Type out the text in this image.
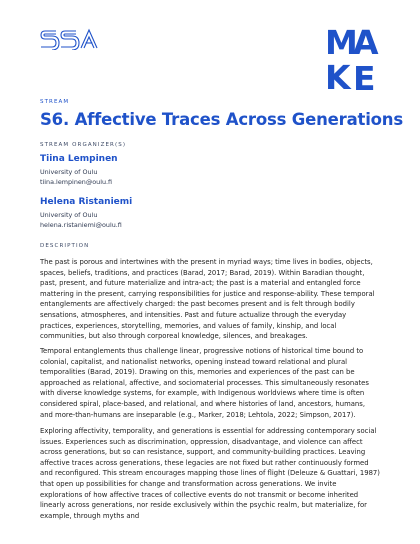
M
A
K E
STREAM
S6. Affective Traces Across Generations
STREAM ORGANIZER(S)
Tiina Lempinen
University of Oulu
tiina.lempinen@oulu.fi
Helena Ristaniemi
University of Oulu
helena.ristaniemi@oulu.fi
DESCRIPTION

The past is porous and intertwines with the present in myriad ways; time lives in bodies, objects, spaces, beliefs, traditions, and practices (Barad, 2017; Barad, 2019). Within Baradian thought, past, present, and future materialize and intra-act; the past is a material and entangled force mattering in the present, carrying responsibilities for justice and response-ability. These temporal entanglements are affectively charged: the past becomes present and is felt through bodily sensations, atmospheres, and intensities. Past and future actualize through the everyday practices, experiences, storytelling, memories, and values of family, kinship, and local communities, but also through corporeal knowledge, silences, and breakages.

Temporal entanglements thus challenge linear, progressive notions of historical time bound to colonial, capitalist, and nationalist networks, opening instead toward relational and plural temporalities (Barad, 2019). Drawing on this, memories and experiences of the past can be approached as relational, affective, and sociomaterial processes. This simultaneously resonates with diverse knowledge systems, for example, with Indigenous worldviews where time is often considered spiral, place-based, and relational, and where histories of land, ancestors, humans, and more-than-humans are inseparable (e.g., Marker, 2018; Lehtola, 2022; Simpson, 2017).

Exploring affectivity, temporality, and generations is essential for addressing contemporary social issues. Experiences such as discrimination, oppression, disadvantage, and violence can affect across generations, but so can resistance, support, and community-building practices. Leaving affective traces across generations, these legacies are not fixed but rather continuously formed and reconfigured. This stream encourages mapping those lines of flight (Deleuze & Guattari, 1987) that open up possibilities for change and transformation across generations. We invite explorations of how affective traces of collective events do not transmit or become inherited linearly across generations, nor reside exclusively within the psychic realm, but materialize, for example, through myths and
